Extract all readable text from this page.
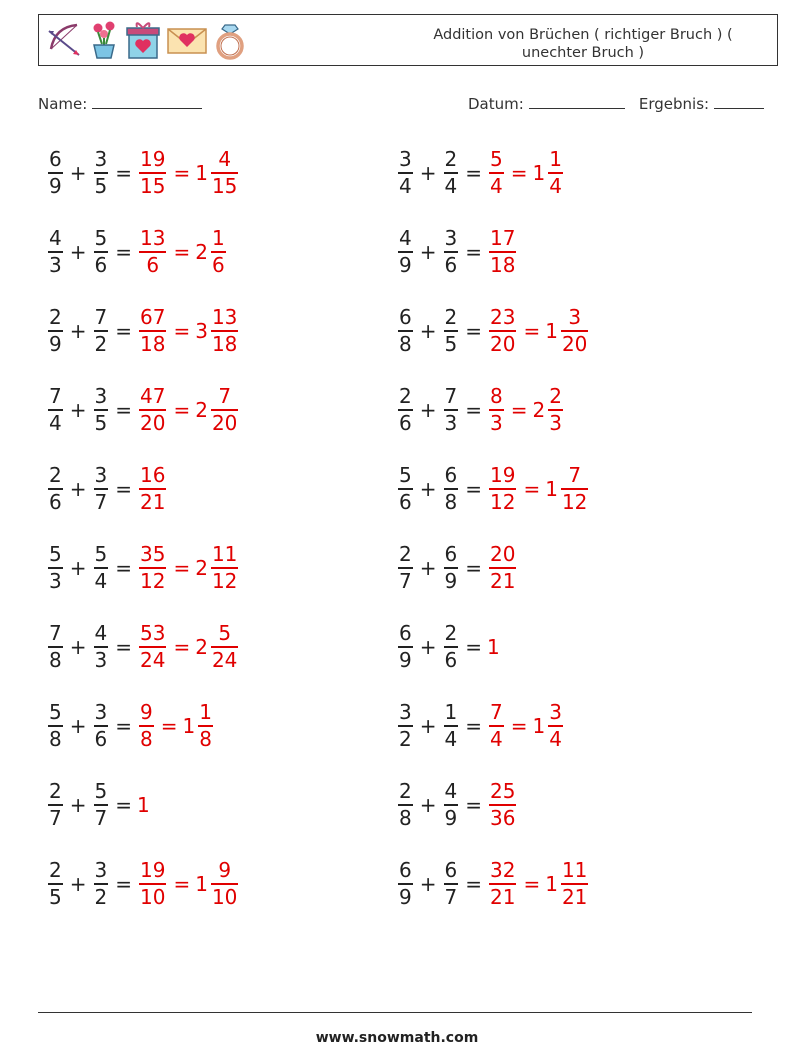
Addition von Brüchen ( richtiger Bruch ) ( unechter Bruch )
Name:	Datum:	Ergebnis:
$\frac{6}{9} + \frac{3}{5} = \frac{19}{15} = 1 \frac{4}{15}$	$\frac{3}{4} + \frac{2}{4} = \frac{5}{4} = 1 \frac{1}{4}$
$\frac{4}{3} + \frac{5}{6} = \frac{13}{6} = 2 \frac{1}{6}$	$\frac{4}{9} + \frac{3}{6} = \frac{17}{18}$
$\frac{2}{9} + \frac{7}{2} = \frac{67}{18} = 3 \frac{13}{18}$	$\frac{6}{8} + \frac{2}{5} = \frac{23}{20} = 1 \frac{3}{20}$
$\frac{7}{4} + \frac{3}{5} = \frac{47}{20} = 2 \frac{7}{20}$	$\frac{2}{6} + \frac{7}{3} = \frac{8}{3} = 2 \frac{2}{3}$
$\frac{2}{6} + \frac{3}{7} = \frac{16}{21}$	$\frac{5}{6} + \frac{6}{8} = \frac{19}{12} = 1 \frac{7}{12}$
$\frac{5}{3} + \frac{5}{4} = \frac{35}{12} = 2 \frac{11}{12}$	$\frac{2}{7} + \frac{6}{9} = \frac{20}{21}$
$\frac{7}{8} + \frac{4}{3} = \frac{53}{24} = 2 \frac{5}{24}$	$\frac{6}{9} + \frac{2}{6} = 1$
$\frac{5}{8} + \frac{3}{6} = \frac{9}{8} = 1 \frac{1}{8}$	$\frac{3}{2} + \frac{1}{4} = \frac{7}{4} = 1 \frac{3}{4}$
$\frac{2}{7} + \frac{5}{7} = 1$	$\frac{2}{8} + \frac{4}{9} = \frac{25}{36}$
$\frac{2}{5} + \frac{3}{2} = \frac{19}{10} = 1 \frac{9}{10}$	$\frac{6}{9} + \frac{6}{7} = \frac{32}{21} = 1 \frac{11}{21}$
www.snowmath.com
